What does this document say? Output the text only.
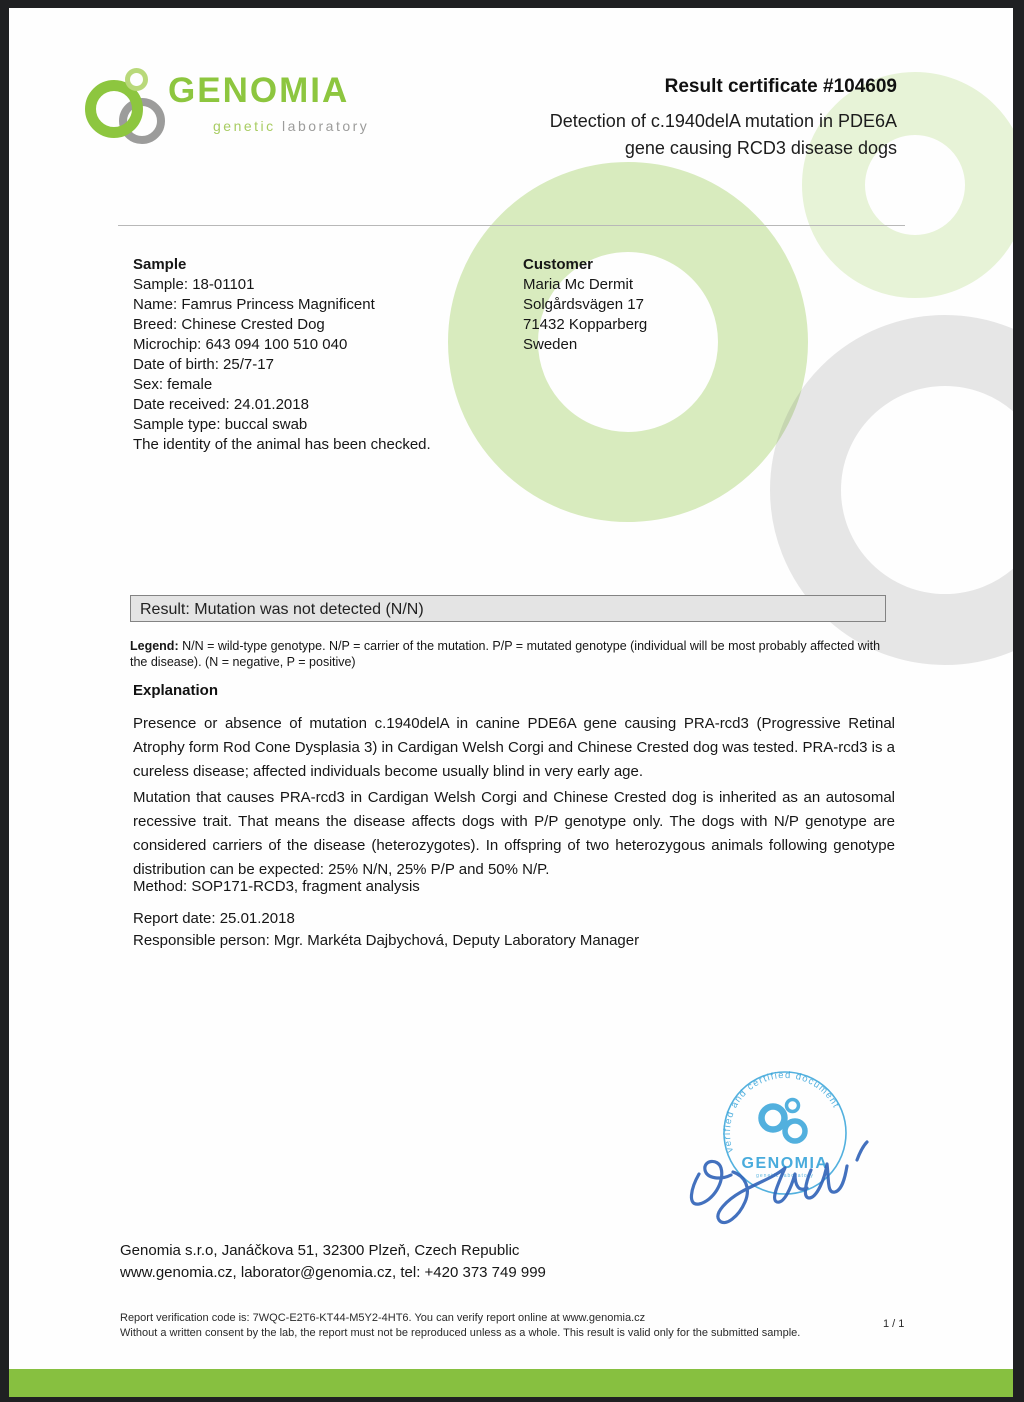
GENOMIA
genetic laboratory
Result certificate #104609
Detection of c.1940delA mutation in PDE6A
gene causing RCD3 disease dogs
Sample
Sample: 18-01101
Name: Famrus Princess Magnificent
Breed: Chinese Crested Dog
Microchip: 643 094 100 510 040
Date of birth: 25/7-17
Sex: female
Date received: 24.01.2018
Sample type: buccal swab
The identity of the animal has been checked.
Customer
Maria Mc Dermit
Solgårdsvägen 17
71432 Kopparberg
Sweden
Result: Mutation was not detected (N/N)
Legend: N/N = wild-type genotype. N/P = carrier of the mutation. P/P = mutated genotype (individual will be most probably affected with the disease). (N = negative, P = positive)
Explanation
Presence or absence of mutation c.1940delA in canine PDE6A gene causing PRA-rcd3 (Progressive Retinal Atrophy form Rod Cone Dysplasia 3) in Cardigan Welsh Corgi and Chinese Crested dog was tested. PRA-rcd3 is a cureless disease; affected individuals become usually blind in very early age.
Mutation that causes PRA-rcd3 in Cardigan Welsh Corgi and Chinese Crested dog is inherited as an autosomal recessive trait. That means the disease affects dogs with P/P genotype only. The dogs with N/P genotype are considered carriers of the disease (heterozygotes). In offspring of two heterozygous animals following genotype distribution can be expected: 25% N/N, 25% P/P and 50% N/P.
Method: SOP171-RCD3, fragment analysis
Report date: 25.01.2018
Responsible person: Mgr. Markéta Dajbychová, Deputy Laboratory Manager
verified and certified document
GENOMIA
genetic laboratory
Genomia s.r.o, Janáčkova 51, 32300 Plzeň, Czech Republic
www.genomia.cz, laborator@genomia.cz, tel: +420 373 749 999
Report verification code is: 7WQC-E2T6-KT44-M5Y2-4HT6. You can verify report online at www.genomia.cz
Without a written consent by the lab, the report must not be reproduced unless as a whole. This result is valid only for the submitted sample.
1 / 1
